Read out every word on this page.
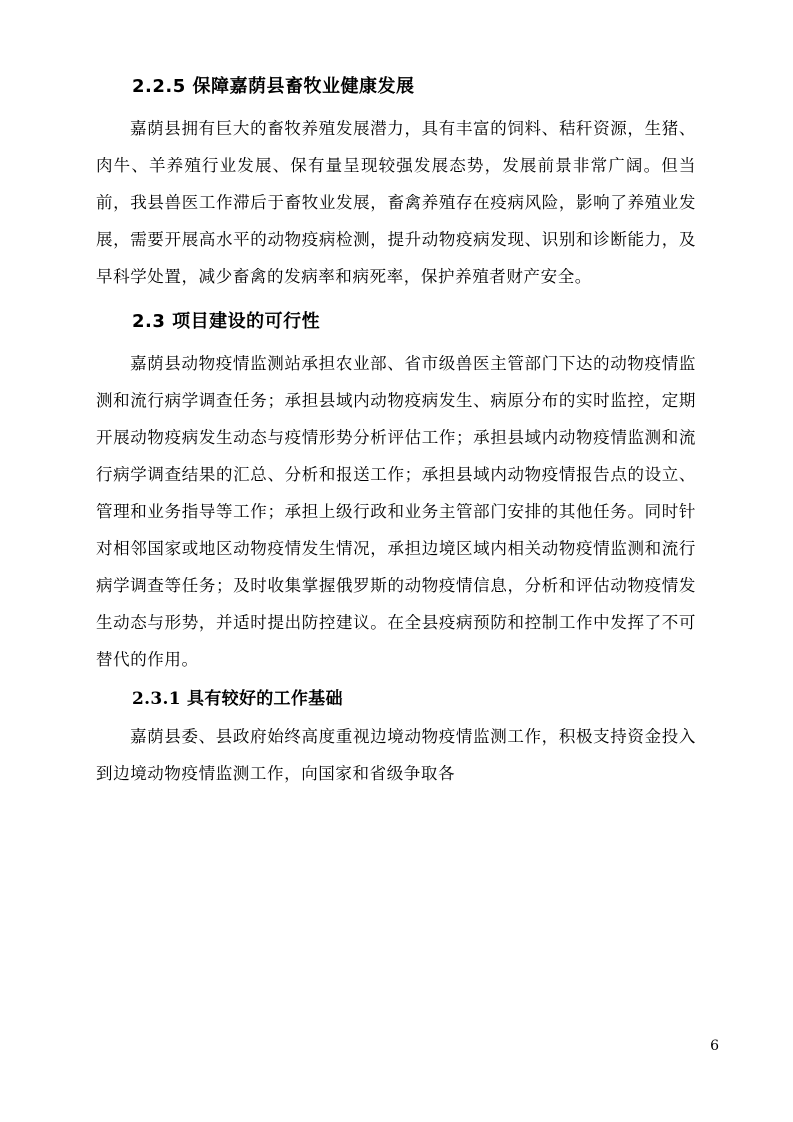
2.2.5 保障嘉荫县畜牧业健康发展

嘉荫县拥有巨大的畜牧养殖发展潜力，具有丰富的饲料、秸秆资源，生猪、肉牛、羊养殖行业发展、保有量呈现较强发展态势，发展前景非常广阔。但当前，我县兽医工作滞后于畜牧业发展，畜禽养殖存在疫病风险，影响了养殖业发展，需要开展高水平的动物疫病检测，提升动物疫病发现、识别和诊断能力，及早科学处置，减少畜禽的发病率和病死率，保护养殖者财产安全。

2.3 项目建设的可行性

嘉荫县动物疫情监测站承担农业部、省市级兽医主管部门下达的动物疫情监测和流行病学调查任务；承担县域内动物疫病发生、病原分布的实时监控，定期开展动物疫病发生动态与疫情形势分析评估工作；承担县域内动物疫情监测和流行病学调查结果的汇总、分析和报送工作；承担县域内动物疫情报告点的设立、管理和业务指导等工作；承担上级行政和业务主管部门安排的其他任务。同时针对相邻国家或地区动物疫情发生情况，承担边境区域内相关动物疫情监测和流行病学调查等任务；及时收集掌握俄罗斯的动物疫情信息，分析和评估动物疫情发生动态与形势，并适时提出防控建议。在全县疫病预防和控制工作中发挥了不可替代的作用。

2.3.1 具有较好的工作基础

嘉荫县委、县政府始终高度重视边境动物疫情监测工作，积极支持资金投入到边境动物疫情监测工作，向国家和省级争取各

6
